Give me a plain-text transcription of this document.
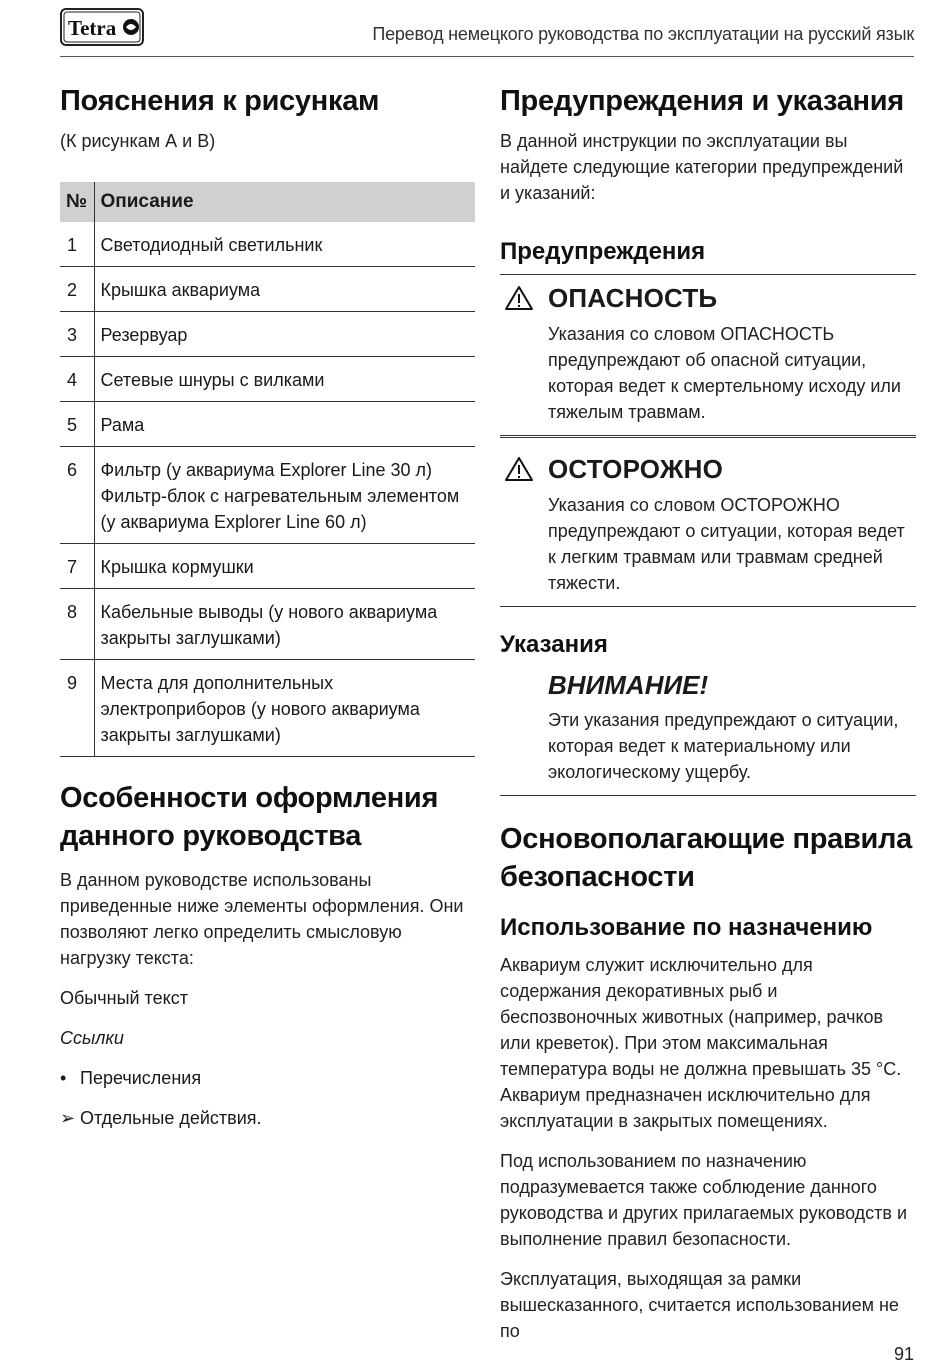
Tetra	Перевод немецкого руководства по эксплуатации на русский язык
Пояснения к рисункам

(К рисункам А и В)

№	Описание
1	Светодиодный светильник
2	Крышка аквариума
3	Резервуар
4	Сетевые шнуры с вилками
5	Рама
6	Фильтр (у аквариума Explorer Line 30 л) Фильтр-блок с нагревательным элементом (у аквариума Explorer Line 60 л)
7	Крышка кормушки
8	Кабельные выводы (у нового аквариума закрыты заглушками)
9	Места для дополнительных электроприборов (у нового аквариума закрыты заглушками)
Особенности оформления данного руководства

В данном руководстве использованы приведенные ниже элементы оформления. Они позволяют легко определить смысловую нагрузку текста:

Обычный текст
Ссылки
• Перечисления
➢ Отдельные действия.
Предупреждения и указания

В данной инструкции по эксплуатации вы найдете следующие категории предупреждений и указаний:

Предупреждения
ОПАСНОСТЬ
Указания со словом ОПАСНОСТЬ предупреждают об опасной ситуации, которая ведет к смертельному исходу или тяжелым травмам.
ОСТОРОЖНО
Указания со словом ОСТОРОЖНО предупреждают о ситуации, которая ведет к легким травмам или травмам средней тяжести.
Указания
ВНИМАНИЕ!
Эти указания предупреждают о ситуации, которая ведет к материальному или экологическому ущербу.
Основополагающие правила безопасности
Использование по назначению

Аквариум служит исключительно для содержания декоративных рыб и беспозвоночных животных (например, рачков или креветок). При этом максимальная температура воды не должна превышать 35 °С. Аквариум предназначен исключительно для эксплуатации в закрытых помещениях.

Под использованием по назначению подразумевается также соблюдение данного руководства и других прилагаемых руководств и выполнение правил безопасности.

Эксплуатация, выходящая за рамки вышесказанного, считается использованием не по

91
